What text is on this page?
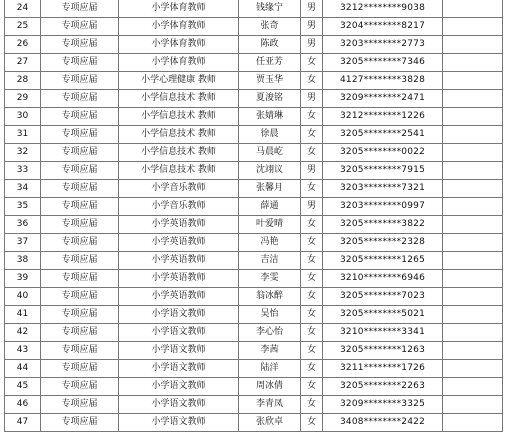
24	专项应届	小学体育教师	钱缘宁	男	3212********9038	
25	专项应届	小学体育教师	张奇	男	3204********8217	
26	专项应届	小学体育教师	陈政	男	3203********2773	
27	专项应届	小学体育教师	任亚芳	女	3205********7346	
28	专项应届	小学心理健康 教师	贾玉华	女	4127********3828	
29	专项应届	小学信息技术 教师	夏浚铭	男	3209********2471	
30	专项应届	小学信息技术 教师	张婧琳	女	3212********1226	
31	专项应届	小学信息技术 教师	徐晨	女	3205********2541	
32	专项应届	小学信息技术 教师	马晨屹	女	3205********0022	
33	专项应届	小学信息技术 教师	沈翊议	男	3205********7915	
34	专项应届	小学音乐教师	张馨月	女	3203********7321	
35	专项应届	小学音乐教师	薛通	男	3203********0997	
36	专项应届	小学英语教师	叶爱晴	女	3205********3822	
37	专项应届	小学英语教师	冯艳	女	3205********2328	
38	专项应届	小学英语教师	吉洁	女	3205********1265	
39	专项应届	小学英语教师	李雯	女	3210********6946	
40	专项应届	小学英语教师	翁冰醉	女	3205********7023	
41	专项应届	小学语文教师	吴怡	女	3205********5021	
42	专项应届	小学语文教师	李心怡	女	3210********3341	
43	专项应届	小学语文教师	李茜	女	3205********1263	
44	专项应届	小学语文教师	陆洋	女	3211********1726	
45	专项应届	小学语文教师	周冰倩	女	3205********2263	
46	专项应届	小学语文教师	李青凤	女	3209********3325	
47	专项应届	小学语文教师	张欣卓	女	3408********2422	
